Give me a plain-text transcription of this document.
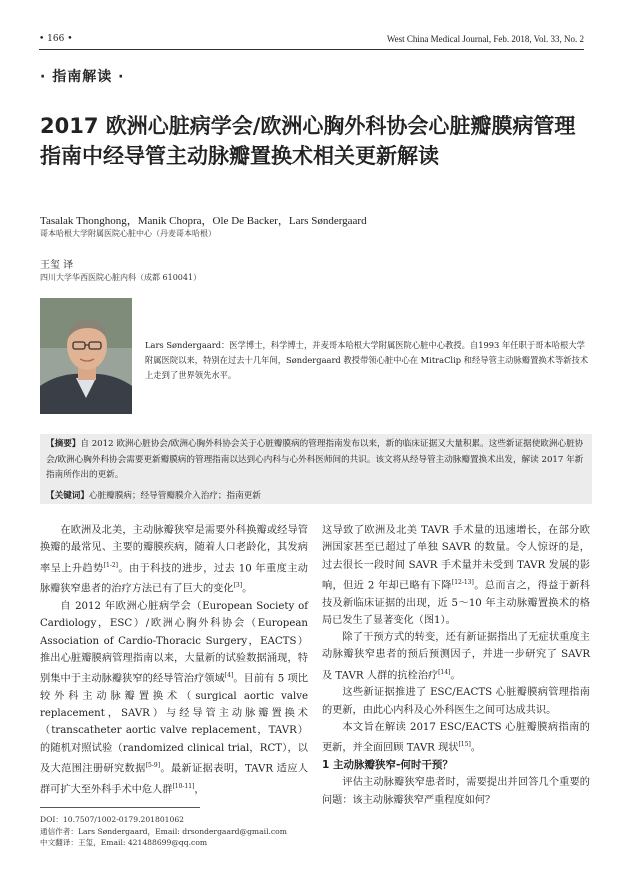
• 166 •	West China Medical Journal, Feb. 2018, Vol. 33, No. 2
· 指南解读 ·
2017 欧洲心脏病学会/欧洲心胸外科协会心脏瓣膜病管理指南中经导管主动脉瓣置换术相关更新解读
Tasalak Thonghong，Manik Chopra，Ole De Backer，Lars Søndergaard
哥本哈根大学附属医院心脏中心（丹麦哥本哈根）
王玺 译
四川大学华西医院心脏内科（成都 610041）
Lars Søndergaard：医学博士，科学博士，并麦哥本哈根大学附属医院心脏中心教授。自1993 年任职于哥本哈根大学附属医院以来，特别在过去十几年间，Søndergaard 教授带领心脏中心在 MitraClip 和经导管主动脉瓣置换术等新技术上走到了世界领先水平。
【摘要】自 2012 欧洲心脏协会/欧洲心胸外科协会关于心脏瓣膜病的管理指南发布以来，新的临床证据又大量积累。这些新证据使欧洲心脏协会/欧洲心胸外科协会需要更新瓣膜病的管理指南以达到心内科与心外科医师间的共识。该文将从经导管主动脉瓣置换术出发，解读 2017 年新指南所作出的更新。
【关键词】心脏瓣膜病；经导管瓣膜介入治疗；指南更新

在欧洲及北美，主动脉瓣狭窄是需要外科换瓣或经导管换瓣的最常见、主要的瓣膜疾病，随着人口老龄化，其发病率呈上升趋势[1-2]。由于科技的进步，过去 10 年重度主动脉瓣狭窄患者的治疗方法已有了巨大的变化[3]。

自 2012 年欧洲心脏病学会（European Society of Cardiology，ESC）/欧洲心胸外科协会（European Association of Cardio-Thoracic Surgery，EACTS）推出心脏瓣膜病管理指南以来，大量新的试验数据涌现，特别集中于主动脉瓣狭窄的经导管治疗领域[4]。目前有 5 项比较外科主动脉瓣置换术（surgical aortic valve replacement，SAVR）与经导管主动脉瓣置换术（transcatheter aortic valve replacement，TAVR）的随机对照试验（randomized clinical trial，RCT），以及大范围注册研究数据[5-9]。最新证据表明，TAVR 适应人群可扩大至外科手术中危人群[10-11]，

这导致了欧洲及北美 TAVR 手术量的迅速增长，在部分欧洲国家甚至已超过了单独 SAVR 的数量。令人惊讶的是，过去很长一段时间 SAVR 手术量并未受到 TAVR 发展的影响，但近 2 年却已略有下降[12-13]。总而言之，得益于新科技及新临床证据的出现，近 5～10 年主动脉瓣置换术的格局已发生了显著变化（图1）。

除了干预方式的转变，还有新证据指出了无症状重度主动脉瓣狭窄患者的预后预测因子，并进一步研究了 SAVR 及 TAVR 人群的抗栓治疗[14]。

这些新证据推进了 ESC/EACTS 心脏瓣膜病管理指南的更新，由此心内科及心外科医生之间可达成共识。

本文旨在解读 2017 ESC/EACTS 心脏瓣膜病指南的更新，并全面回顾 TAVR 现状[15]。

1 主动脉瓣狭窄-何时干预？

评估主动脉瓣狭窄患者时，需要提出并回答几个重要的问题：该主动脉瓣狭窄严重程度如何？

DOI：10.7507/1002-0179.201801062
通信作者：Lars Søndergaard，Email: drsondergaard@gmail.com
中文翻译：王玺，Email: 421488699@qq.com
